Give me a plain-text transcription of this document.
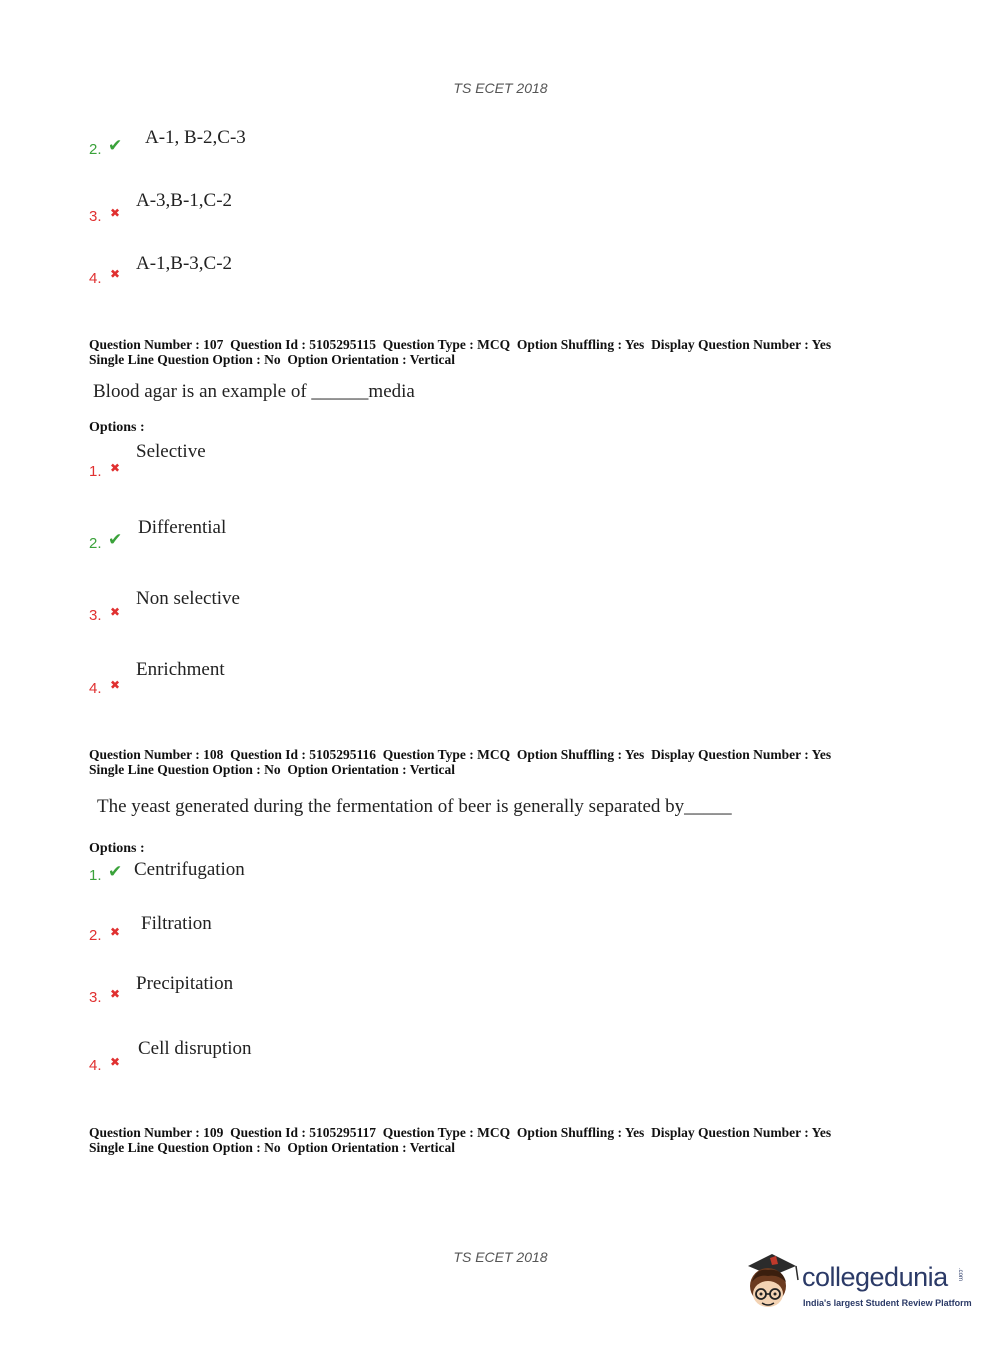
TS ECET 2018
2. ✔ A-1, B-2,C-3
3. ✖
A-3,B-1,C-2
4. ✖ A-1,B-3,C-2
Question Number : 107  Question Id : 5105295115  Question Type : MCQ  Option Shuffling : Yes  Display Question Number : Yes
Single Line Question Option : No  Option Orientation : Vertical
Blood agar is an example of ______media
Options :
1. ✖
Selective
2. ✔
Differential
3. ✖
Non selective
4. ✖
Enrichment
Question Number : 108  Question Id : 5105295116  Question Type : MCQ  Option Shuffling : Yes  Display Question Number : Yes
Single Line Question Option : No  Option Orientation : Vertical
The yeast generated during the fermentation of beer is generally separated by_____
Options :
1. ✔ Centrifugation
2. ✖ Filtration
3. ✖ Precipitation
4. ✖
Cell disruption
Question Number : 109  Question Id : 5105295117  Question Type : MCQ  Option Shuffling : Yes  Display Question Number : Yes
Single Line Question Option : No  Option Orientation : Vertical
TS ECET 2018
collegedunia .com
India's largest Student Review Platform
